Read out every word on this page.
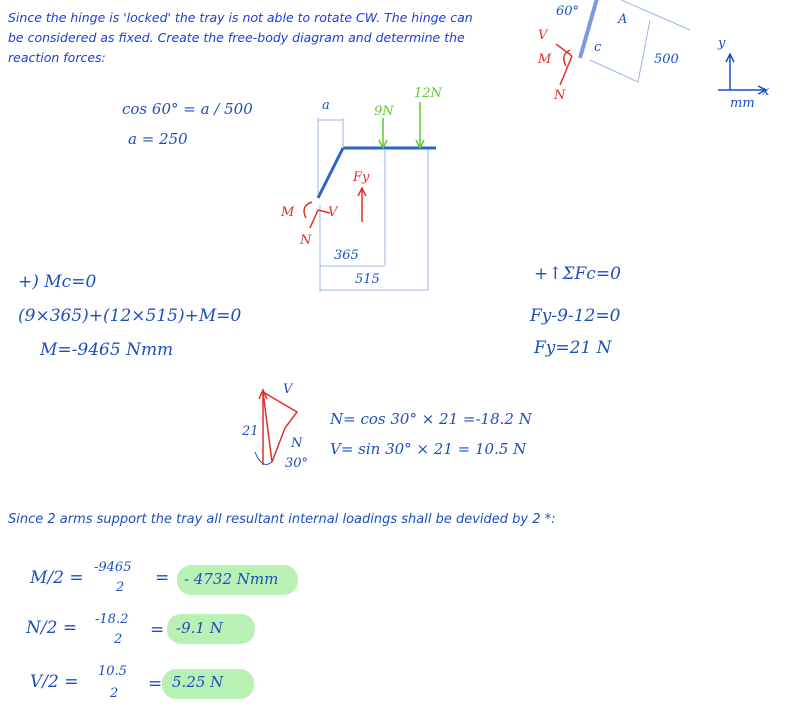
Since the hinge is 'locked' the tray is not able to rotate CW. The hinge can be considered as fixed. Create the free-body diagram and determine the reaction forces:
cos 60° = a / 500
a = 250
a	9N
12N
Fy
M	V
N
365
515
60°
A
c
500
V
M
N
y
x
mm
+) Mc=0
(9×365)+(12×515)+M=0
M=-9465 Nmm
+↑ΣFc=0
Fy-9-12=0
Fy=21 N
21
V
N
30°
N= cos 30° × 21 =-18.2 N
V= sin 30° × 21 = 10.5 N
Since 2 arms support the tray all resultant internal loadings shall be devided by 2 *:
M/2 =
-9465
2 = - 4732 Nmm
N/2 = -18.2
2 = -9.1 N
V/2 =
10.5
2 = 5.25 N
